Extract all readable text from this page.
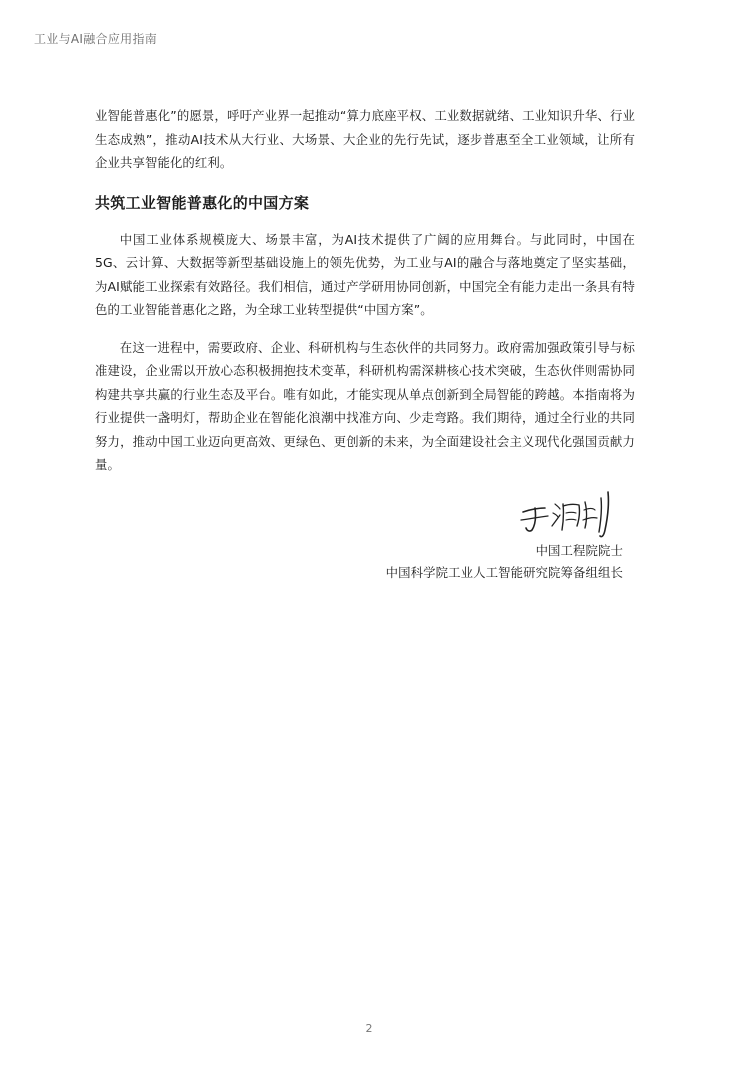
工业与AI融合应用指南

业智能普惠化”的愿景，呼吁产业界一起推动“算力底座平权、工业数据就绪、工业知识升华、行业生态成熟”，推动AI技术从大行业、大场景、大企业的先行先试，逐步普惠至全工业领域，让所有企业共享智能化的红利。

共筑工业智能普惠化的中国方案

中国工业体系规模庞大、场景丰富，为AI技术提供了广阔的应用舞台。与此同时，中国在5G、云计算、大数据等新型基础设施上的领先优势，为工业与AI的融合与落地奠定了坚实基础，为AI赋能工业探索有效路径。我们相信，通过产学研用协同创新，中国完全有能力走出一条具有特色的工业智能普惠化之路，为全球工业转型提供“中国方案”。

在这一进程中，需要政府、企业、科研机构与生态伙伴的共同努力。政府需加强政策引导与标准建设，企业需以开放心态积极拥抱技术变革，科研机构需深耕核心技术突破，生态伙伴则需协同构建共享共赢的行业生态及平台。唯有如此，才能实现从单点创新到全局智能的跨越。本指南将为行业提供一盏明灯，帮助企业在智能化浪潮中找准方向、少走弯路。我们期待，通过全行业的共同努力，推动中国工业迈向更高效、更绿色、更创新的未来，为全面建设社会主义现代化强国贡献力量。

中国工程院院士
中国科学院工业人工智能研究院筹备组组长
2
